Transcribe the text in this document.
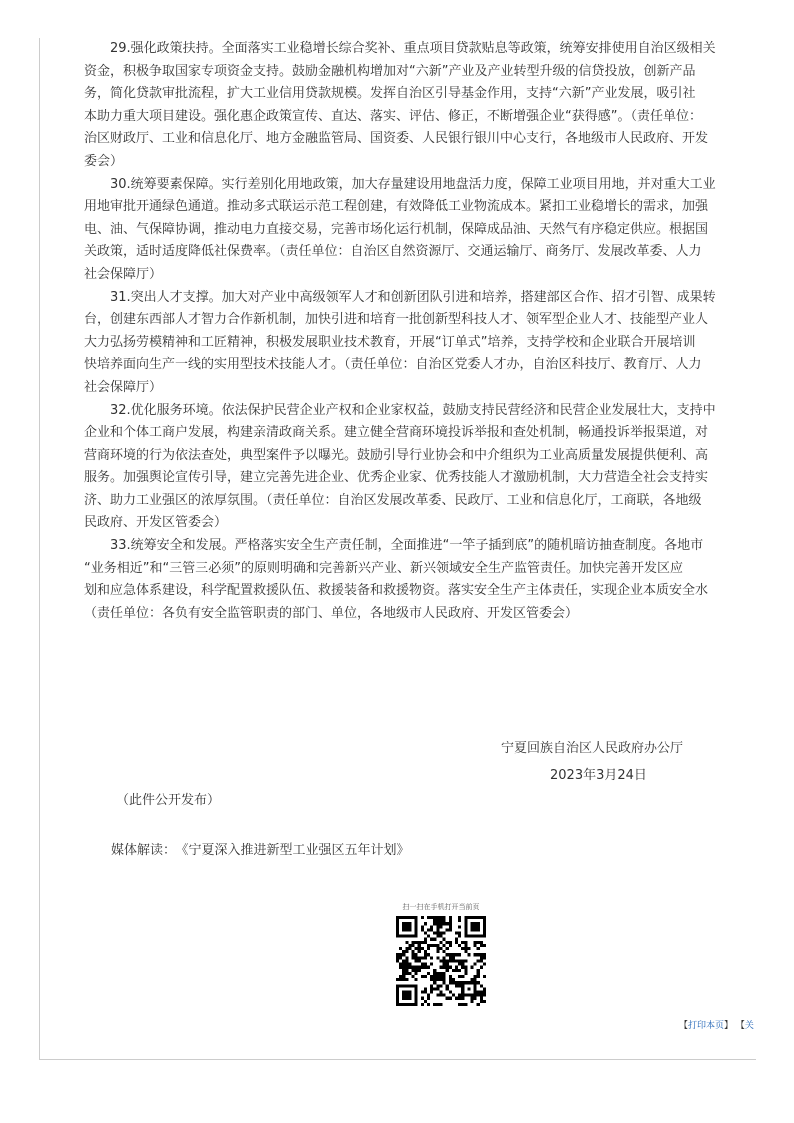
29.强化政策扶持。全面落实工业稳增长综合奖补、重点项目贷款贴息等政策，统筹安排使用自治区级相关
资金，积极争取国家专项资金支持。鼓励金融机构增加对“六新”产业及产业转型升级的信贷投放，创新产品
务，简化贷款审批流程，扩大工业信用贷款规模。发挥自治区引导基金作用，支持“六新”产业发展，吸引社
本助力重大项目建设。强化惠企政策宣传、直达、落实、评估、修正，不断增强企业“获得感”。（责任单位：
治区财政厅、工业和信息化厅、地方金融监管局、国资委、人民银行银川中心支行，各地级市人民政府、开发
委会）
30.统筹要素保障。实行差别化用地政策，加大存量建设用地盘活力度，保障工业项目用地，并对重大工业
用地审批开通绿色通道。推动多式联运示范工程创建，有效降低工业物流成本。紧扣工业稳增长的需求，加强
电、油、气保障协调，推动电力直接交易，完善市场化运行机制，保障成品油、天然气有序稳定供应。根据国
关政策，适时适度降低社保费率。（责任单位：自治区自然资源厅、交通运输厅、商务厅、发展改革委、人力
社会保障厅）
31.突出人才支撑。加大对产业中高级领军人才和创新团队引进和培养，搭建部区合作、招才引智、成果转
台，创建东西部人才智力合作新机制，加快引进和培育一批创新型科技人才、领军型企业人才、技能型产业人
大力弘扬劳模精神和工匠精神，积极发展职业技术教育，开展“订单式”培养，支持学校和企业联合开展培训
快培养面向生产一线的实用型技术技能人才。（责任单位：自治区党委人才办，自治区科技厅、教育厅、人力
社会保障厅）
32.优化服务环境。依法保护民营企业产权和企业家权益，鼓励支持民营经济和民营企业发展壮大，支持中
企业和个体工商户发展，构建亲清政商关系。建立健全营商环境投诉举报和查处机制，畅通投诉举报渠道，对
营商环境的行为依法查处，典型案件予以曝光。鼓励引导行业协会和中介组织为工业高质量发展提供便利、高
服务。加强舆论宣传引导，建立完善先进企业、优秀企业家、优秀技能人才激励机制，大力营造全社会支持实
济、助力工业强区的浓厚氛围。（责任单位：自治区发展改革委、民政厅、工业和信息化厅，工商联，各地级
民政府、开发区管委会）
33.统筹安全和发展。严格落实安全生产责任制，全面推进“一竿子插到底”的随机暗访抽查制度。各地市
“业务相近”和“三管三必须”的原则明确和完善新兴产业、新兴领域安全生产监管责任。加快完善开发区应
划和应急体系建设，科学配置救援队伍、救援装备和救援物资。落实安全生产主体责任，实现企业本质安全水
（责任单位：各负有安全监管职责的部门、单位，各地级市人民政府、开发区管委会）
宁夏回族自治区人民政府办公厅
2023年3月24日
（此件公开发布）
媒体解读： 《宁夏深入推进新型工业强区五年计划》
扫一扫在手机打开当前页
【打印本页】 【关
